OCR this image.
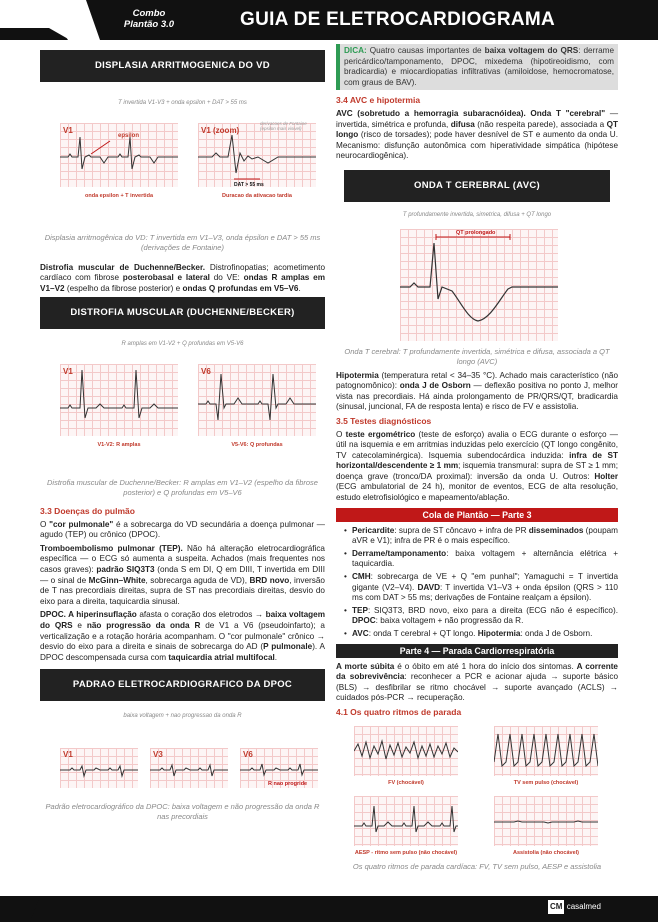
Combo
Plantão 3.0	GUIA DE ELETROCARDIOGRAMA
DISPLASIA ARRITMOGENICA DO VD
T invertida V1-V3 + onda epsilon + DAT > 55 ms
V1
epsilon
onda epsilon + T invertida
V1 (zoom)
derivacoes de Fontaine (epsilon mais visivel)
DAT > 55 ms
Duracao da ativacao tardia
Displasia arritmogênica do VD: T invertida em V1–V3, onda épsilon e DAT > 55 ms (derivações de Fontaine)

Distrofia muscular de Duchenne/Becker. Distrofinopatias; acometimento cardíaco com fibrose posterobasal e lateral do VE: ondas R amplas em V1–V2 (espelho da fibrose posterior) e ondas Q profundas em V5–V6.

DISTROFIA MUSCULAR (DUCHENNE/BECKER)
R amplas em V1-V2 + Q profundas em V5-V6
V1
V1-V2: R amplas
V6
V5-V6: Q profundas
Distrofia muscular de Duchenne/Becker: R amplas em V1–V2 (espelho da fibrose posterior) e Q profundas em V5–V6
3.3 Doenças do pulmão

O "cor pulmonale" é a sobrecarga do VD secundária a doença pulmonar — agudo (TEP) ou crônico (DPOC).

Tromboembolismo pulmonar (TEP). Não há alteração eletrocardiográfica específica — o ECG só aumenta a suspeita. Achados (mais frequentes nos casos graves): padrão SIQ3T3 (onda S em DI, Q em DIII, T invertida em DIII — o sinal de McGinn–White, sobrecarga aguda de VD), BRD novo, inversão de T nas precordiais direitas, supra de ST nas precordiais direitas, desvio do eixo para a direita, taquicardia sinusal.

DPOC. A hiperinsuflação afasta o coração dos eletrodos → baixa voltagem do QRS e não progressão da onda R de V1 a V6 (pseudoinfarto); a verticalização e a rotação horária acompanham. O "cor pulmonale" crônico → desvio do eixo para a direita e sinais de sobrecarga do AD (P pulmonale). A DPOC descompensada cursa com taquicardia atrial multifocal.

PADRAO ELETROCARDIOGRAFICO DA DPOC
baixa voltagem + nao progressao da onda R
V1	V3	V6
R nao progride
Padrão eletrocardiográfico da DPOC: baixa voltagem e não progressão da onda R nas precordiais
DICA: Quatro causas importantes de baixa voltagem do QRS: derrame pericárdico/tamponamento, DPOC, mixedema (hipotireoidismo, com bradicardia) e miocardiopatias infiltrativas (amiloidose, hemocromatose, com graus de BAV).
3.4 AVC e hipotermia

AVC (sobretudo a hemorragia subaracnóidea). Onda T "cerebral" — invertida, simétrica e profunda, difusa (não respeita parede), associada a QT longo (risco de torsades); pode haver desnível de ST e aumento da onda U. Mecanismo: disfunção autonômica com hiperatividade simpática (hipótese neurocardiogênica).

ONDA T CEREBRAL (AVC)
T profundamente invertida, simetrica, difusa + QT longo
QT prolongado
Onda T cerebral: T profundamente invertida, simétrica e difusa, associada a QT longo (AVC)

Hipotermia (temperatura retal < 34–35 °C). Achado mais característico (não patognomônico): onda J de Osborn — deflexão positiva no ponto J, melhor vista nas precordiais. Há ainda prolongamento de PR/QRS/QT, bradicardia (sinusal, juncional, FA de resposta lenta) e risco de FV e assistolia.

3.5 Testes diagnósticos

O teste ergométrico (teste de esforço) avalia o ECG durante o esforço — útil na isquemia e em arritmias induzidas pelo exercício (QT longo congênito, TV catecolaminérgica). Isquemia subendocárdica induzida: infra de ST horizontal/descendente ≥ 1 mm; isquemia transmural: supra de ST ≥ 1 mm; doença grave (tronco/DA proximal): inversão da onda U. Outros: Holter (ECG ambulatorial de 24 h), monitor de eventos, ECG de alta resolução, estudo eletrofisiológico e mapeamento/ablação.

Cola de Plantão — Parte 3
• Pericardite: supra de ST côncavo + infra de PR disseminados (poupam aVR e V1); infra de PR é o mais específico.
• Derrame/tamponamento: baixa voltagem + alternância elétrica + taquicardia.
• CMH: sobrecarga de VE + Q "em punhal"; Yamaguchi = T invertida gigante (V2–V4). DAVD: T invertida V1–V3 + onda épsilon (QRS > 110 ms com DAT > 55 ms; derivações de Fontaine realçam a épsilon).
• TEP: SIQ3T3, BRD novo, eixo para a direita (ECG não é específico). DPOC: baixa voltagem + não progressão da R.
• AVC: onda T cerebral + QT longo. Hipotermia: onda J de Osborn.
Parte 4 — Parada Cardiorrespiratória

A morte súbita é o óbito em até 1 hora do início dos sintomas. A corrente da sobrevivência: reconhecer a PCR e acionar ajuda → suporte básico (BLS) → desfibrilar se ritmo chocável → suporte avançado (ACLS) → cuidados pós-PCR → recuperação.

4.1 Os quatro ritmos de parada
FV (chocável)	TV sem pulso (chocável)
AESP - ritmo sem pulso (não chocável)	Assistolia (não chocável)
Os quatro ritmos de parada cardíaca: FV, TV sem pulso, AESP e assistolia
CM casalmed
